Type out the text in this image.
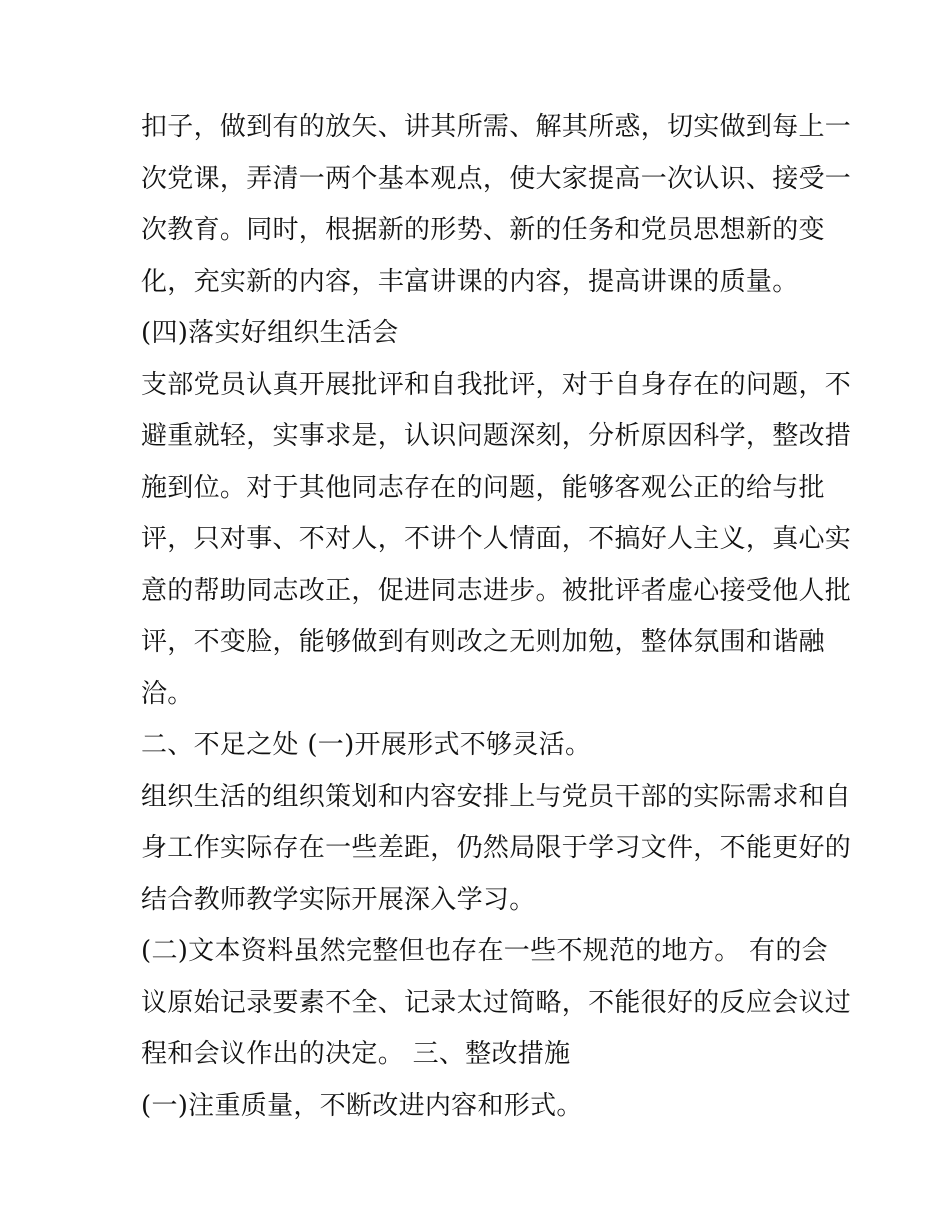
扣子，做到有的放矢、讲其所需、解其所惑，切实做到每上一
次党课，弄清一两个基本观点，使大家提高一次认识、接受一
次教育。同时，根据新的形势、新的任务和党员思想新的变
化，充实新的内容，丰富讲课的内容，提高讲课的质量。
(四)落实好组织生活会
支部党员认真开展批评和自我批评，对于自身存在的问题，不
避重就轻，实事求是，认识问题深刻，分析原因科学，整改措
施到位。对于其他同志存在的问题，能够客观公正的给与批
评，只对事、不对人，不讲个人情面，不搞好人主义，真心实
意的帮助同志改正，促进同志进步。被批评者虚心接受他人批
评，不变脸，能够做到有则改之无则加勉，整体氛围和谐融
洽。
二、不足之处 (一)开展形式不够灵活。
组织生活的组织策划和内容安排上与党员干部的实际需求和自
身工作实际存在一些差距，仍然局限于学习文件，不能更好的
结合教师教学实际开展深入学习。
(二)文本资料虽然完整但也存在一些不规范的地方。 有的会
议原始记录要素不全、记录太过简略，不能很好的反应会议过
程和会议作出的决定。 三、整改措施
(一)注重质量，不断改进内容和形式。
